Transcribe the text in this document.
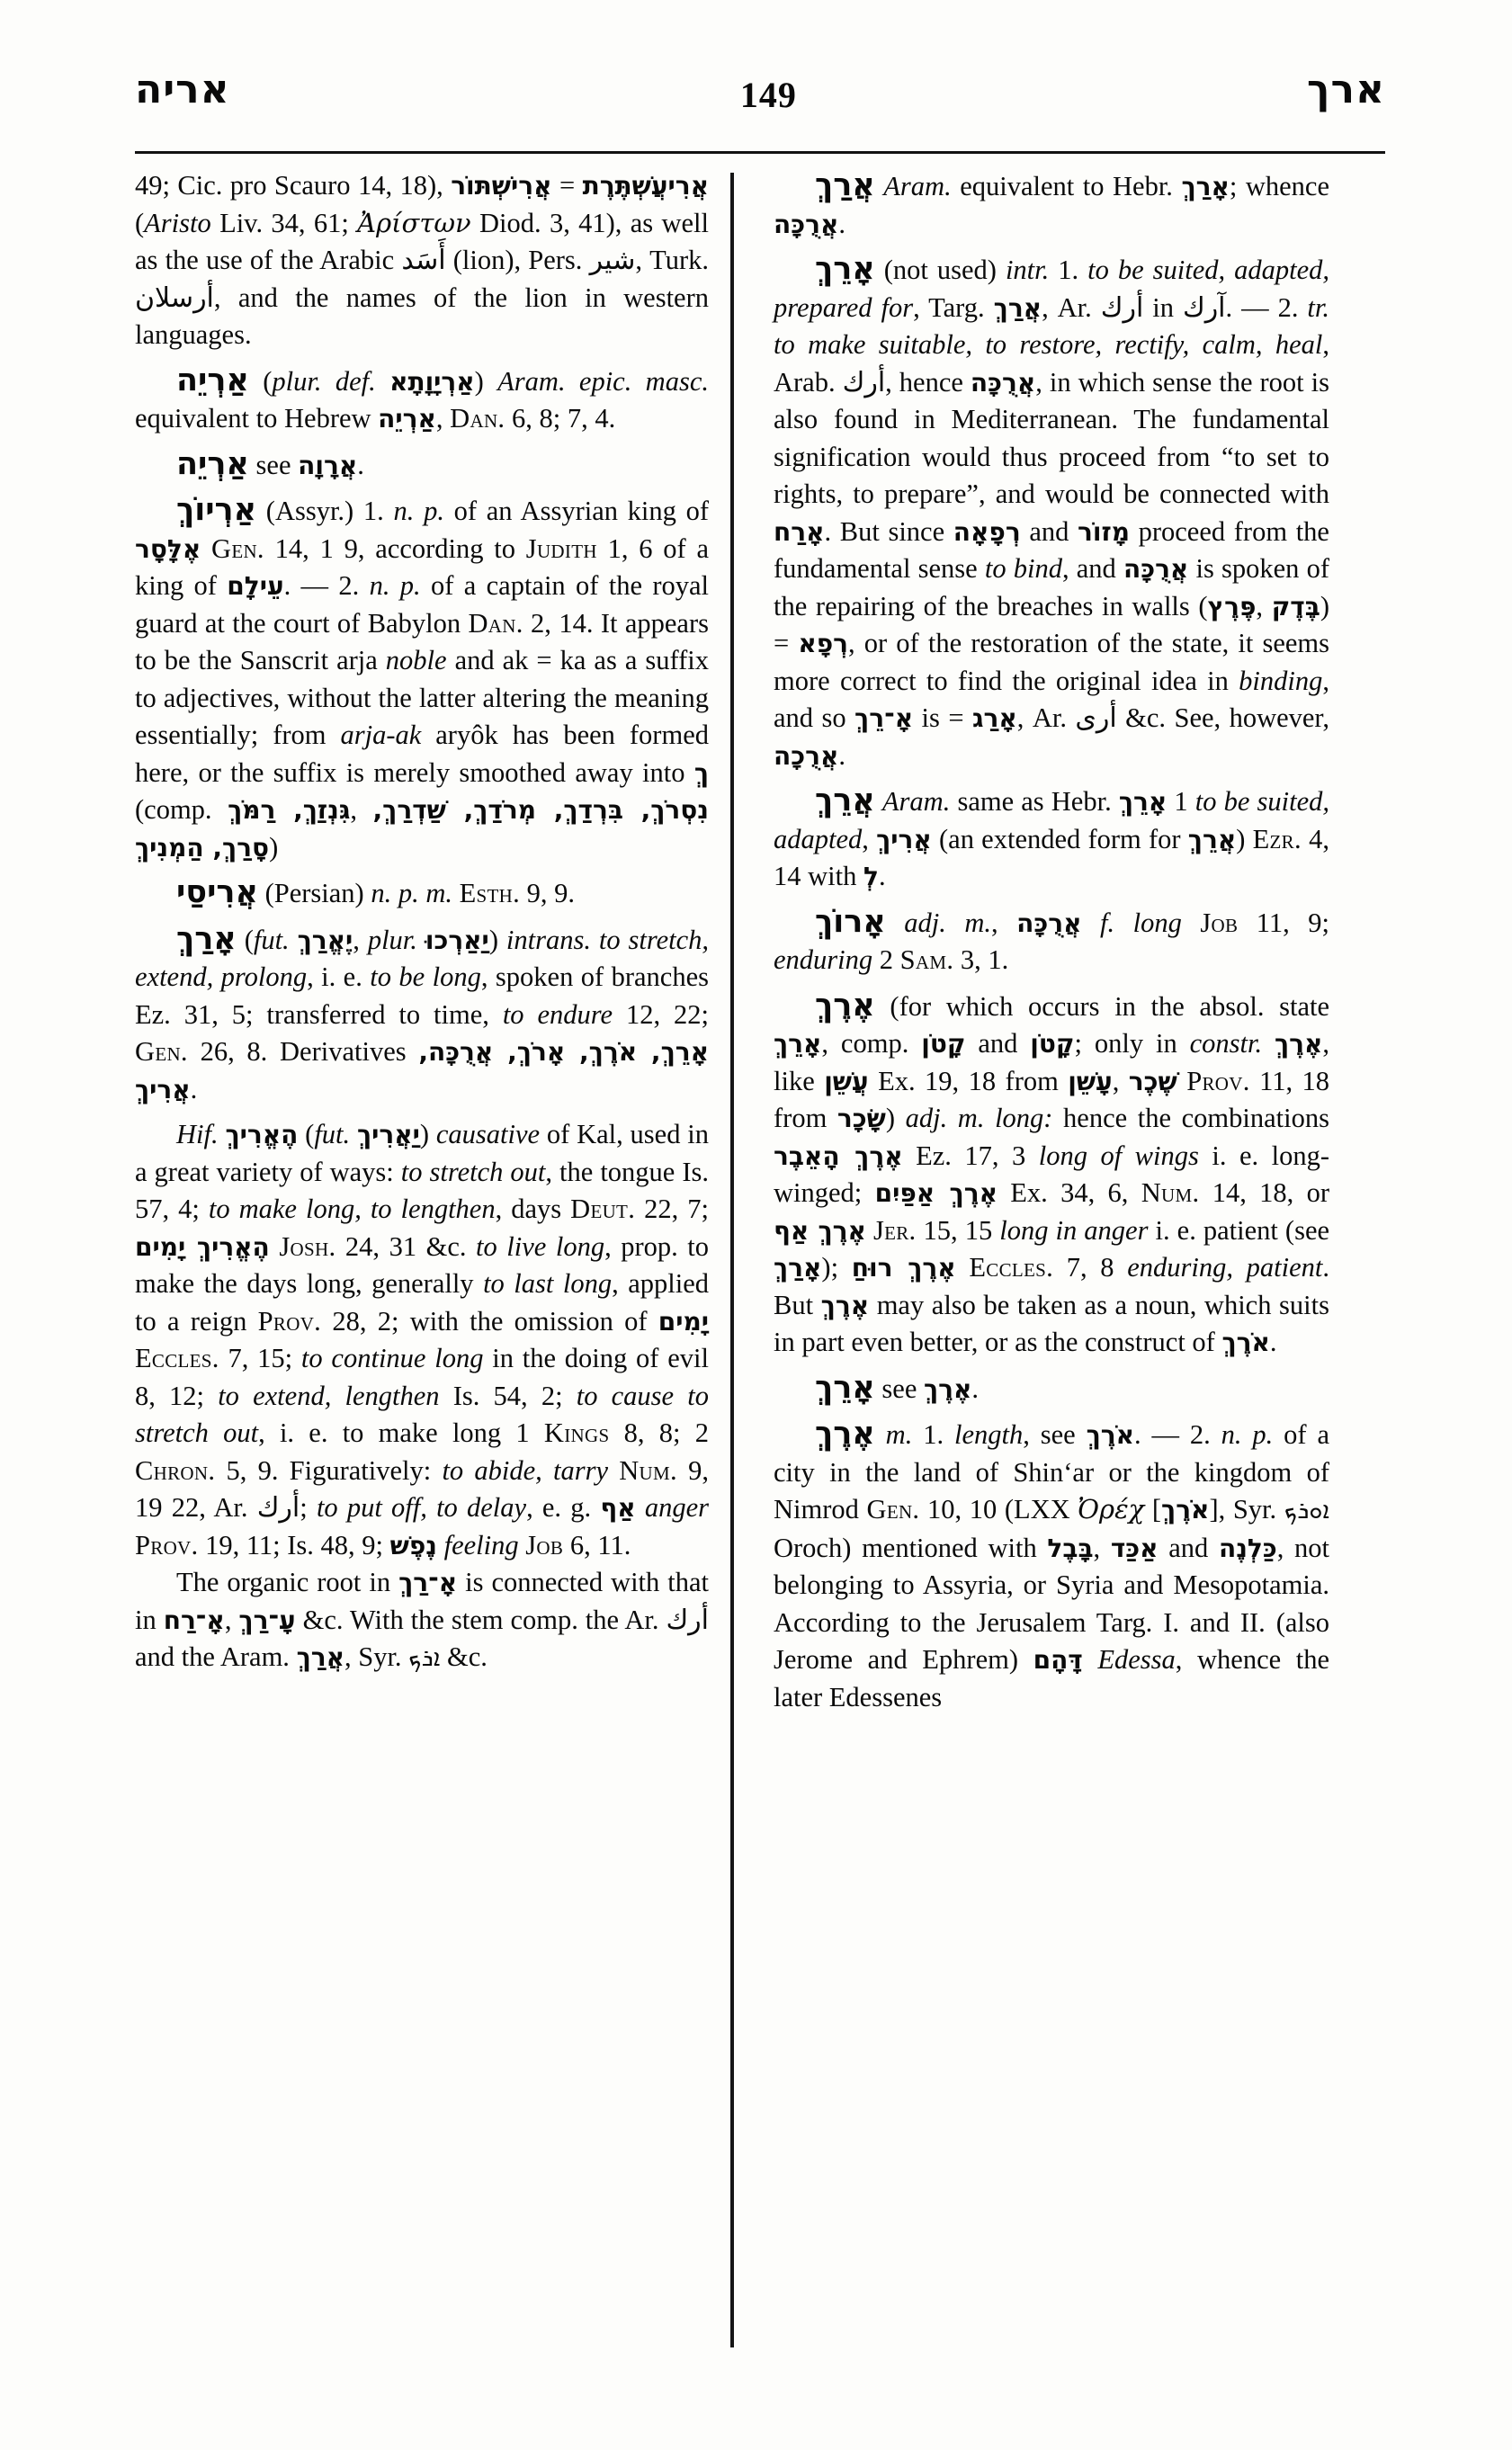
אריה	149	ארך

49; Cic. pro Scauro 14, 18), אֲרִישְׁתּוֹר = אֲרִיעֲשְׁתֶּרֶת (Aristo Liv. 34, 61; Ἀρίστων Diod. 3, 41), as well as the use of the Arabic أَسَد (lion), Pers. شیر, Turk. أرسلان, and the names of the lion in western languages.

אַרְיֵה (plur. def. אַרְיָוָתָא) Aram. epic. masc. equivalent to Hebrew אַרְיֵה, Dan. 6, 8; 7, 4.

אַרְיֵה see אֲרָוָה.

אַרְיוֹךְ (Assyr.) 1. n. p. of an Assyrian king of אֶלָּסָר Gen. 14, 1 9, according to Judith 1, 6 of a king of עֵילָם. — 2. n. p. of a captain of the royal guard at the court of Babylon Dan. 2, 14. It appears to be the Sanscrit arja noble and ak = ka as a suffix to adjectives, without the latter altering the meaning essentially; from arja-ak aryôk has been formed here, or the suffix is merely smoothed away into ךְ (comp. גִּנְזַךְ, רַמֹּךְ, נִסְרֹךְ, בִּרְדַךְ, מְרֹדַךְ, שַׁדְרַךְ, סָרַךְ, הַמְנִיךְ)

אֲרִיסַי (Persian) n. p. m. Esth. 9, 9.

אָרַךְ (fut. יֶאֱרַךְ, plur. יַאַרְכוּ) intrans. to stretch, extend, prolong, i. e. to be long, spoken of branches Ez. 31, 5; transferred to time, to endure 12, 22; Gen. 26, 8. Derivatives אָרֵךְ, אֹרֶךְ, אָרֹךְ, אֲרֻכָּה, אֲרִיךְ.

Hif. הֶאֱרִיךְ (fut. יַאֲרִיךְ) causative of Kal, used in a great variety of ways: to stretch out, the tongue Is. 57, 4; to make long, to lengthen, days Deut. 22, 7; הֶאֱרִיךְ יָמִים Josh. 24, 31 &c. to live long, prop. to make the days long, generally to last long, applied to a reign Prov. 28, 2; with the omission of יָמִים Eccles. 7, 15; to continue long in the doing of evil 8, 12; to extend, lengthen Is. 54, 2; to cause to stretch out, i. e. to make long 1 Kings 8, 8; 2 Chron. 5, 9. Figuratively: to abide, tarry Num. 9, 19 22, Ar. أرك; to put off, to delay, e. g. אַף anger Prov. 19, 11; Is. 48, 9; נֶפֶשׁ feeling Job 6, 11.

The organic root in אָ־רַךְ is connected with that in אָ־רַח, עָ־רַךְ &c. With the stem comp. the Ar. أرك and the Aram. אֲרַךְ, Syr. ܐܪܟ &c.

אֲרַךְ Aram. equivalent to Hebr. אָרַךְ; whence אֲרֻכָּה.

אָרֵךְ (not used) intr. 1. to be suited, adapted, prepared for, Targ. אֲרַךְ, Ar. أرك in آرك. — 2. tr. to make suitable, to restore, rectify, calm, heal, Arab. أرك, hence אֲרֻכָּה, in which sense the root is also found in Mediterranean. The fundamental signification would thus proceed from “to set to rights, to prepare”, and would be connected with אָרַח. But since רְפָאָה and מָזוֹר proceed from the fundamental sense to bind, and אֲרֻכָּה is spoken of the repairing of the breaches in walls (פֶּרֶץ, בֶּדֶק) = רְפָא, or of the restoration of the state, it seems more correct to find the original idea in binding, and so אָ־רֵךְ is = אָרַג, Ar. أرى &c. See, however, אֲרֻכָה.

אֲרֵךְ Aram. same as Hebr. אָרֵךְ 1 to be suited, adapted, אֲרִיךְ (an extended form for אֲרֵךְ) Ezr. 4, 14 with לְ.

אָרוֹךְ adj. m., אֲרֻכָּה f. long Job 11, 9; enduring 2 Sam. 3, 1.

אֶרֶךְ (for which occurs in the absol. state אָרֵךְ, comp. קָטֹן and קָטֹן; only in constr. אֶרֶךְ, like עֲשֵׁן Ex. 19, 18 from עָשֵׁן, שֶׁכֶר Prov. 11, 18 from שָׂכָר) adj. m. long: hence the combinations אֶרֶךְ הָאֵבֶר Ez. 17, 3 long of wings i. e. long-winged; אֶרֶךְ אַפַּיִם Ex. 34, 6, Num. 14, 18, or אֶרֶךְ אַף Jer. 15, 15 long in anger i. e. patient (see אָרַךְ); אֶרֶךְ רוּחַ Eccles. 7, 8 enduring, patient. But אֶרֶךְ may also be taken as a noun, which suits in part even better, or as the construct of אֹרֶךְ.

אָרֵךְ see אֶרֶךְ.

אֶרֶךְ m. 1. length, see אֹרֶךְ. — 2. n. p. of a city in the land of Shin‘ar or the kingdom of Nimrod Gen. 10, 10 (LXX Ὀρέχ [אֹרֶךְ], Syr. ܐܘܪܟ Oroch) mentioned with בָּבֶל, אַכַּד and כַּלְנֶה, not belonging to Assyria, or Syria and Mesopotamia. According to the Jerusalem Targ. I. and II. (also Jerome and Ephrem) דָּהָם Edessa, whence the later Edessenes
